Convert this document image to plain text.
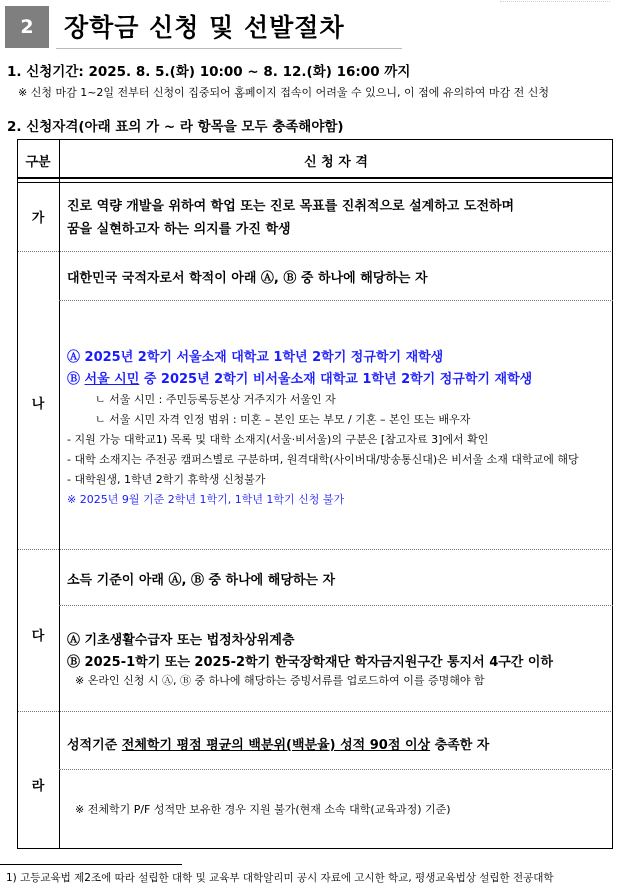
2	장학금 신청 및 선발절차
1. 신청기간: 2025. 8. 5.(화) 10:00 ~ 8. 12.(화) 16:00 까지
※ 신청 마감 1~2일 전부터 신청이 집중되어 홈페이지 접속이 어려울 수 있으니, 이 점에 유의하여 마감 전 신청
2. 신청자격(아래 표의 가 ~ 라 항목을 모두 충족해야함)
구분	신 청 자 격
가
진로 역량 개발을 위하여 학업 또는 진로 목표를 진취적으로 설계하고 도전하며
꿈을 실현하고자 하는 의지를 가진 학생
나
대한민국 국적자로서 학적이 아래 Ⓐ, Ⓑ 중 하나에 해당하는 자
Ⓐ 2025년 2학기 서울소재 대학교 1학년 2학기 정규학기 재학생
Ⓑ 서울 시민 중 2025년 2학기 비서울소재 대학교 1학년 2학기 정규학기 재학생
ㄴ 서울 시민 : 주민등록등본상 거주지가 서울인 자
ㄴ 서울 시민 자격 인정 범위 : 미혼 – 본인 또는 부모 / 기혼 – 본인 또는 배우자
- 지원 가능 대학교1) 목록 및 대학 소재지(서울·비서울)의 구분은 [참고자료 3]에서 확인
- 대학 소재지는 주전공 캠퍼스별로 구분하며, 원격대학(사이버대/방송통신대)은 비서울 소재 대학교에 해당
- 대학원생, 1학년 2학기 휴학생 신청불가
※ 2025년 9월 기준 2학년 1학기, 1학년 1학기 신청 불가
다
소득 기준이 아래 Ⓐ, Ⓑ 중 하나에 해당하는 자
Ⓐ 기초생활수급자 또는 법정차상위계층
Ⓑ 2025-1학기 또는 2025-2학기 한국장학재단 학자금지원구간 통지서 4구간 이하
※ 온라인 신청 시 Ⓐ, Ⓑ 중 하나에 해당하는 증빙서류를 업로드하여 이를 증명해야 함
라
성적기준 전체학기 평점 평균의 백분위(백분율) 성적 90점 이상 충족한 자
※ 전체학기 P/F 성적만 보유한 경우 지원 불가(현재 소속 대학(교육과정) 기준)
1) 고등교육법 제2조에 따라 설립한 대학 및 교육부 대학알리미 공시 자료에 고시한 학교, 평생교육법상 설립한 전공대학
